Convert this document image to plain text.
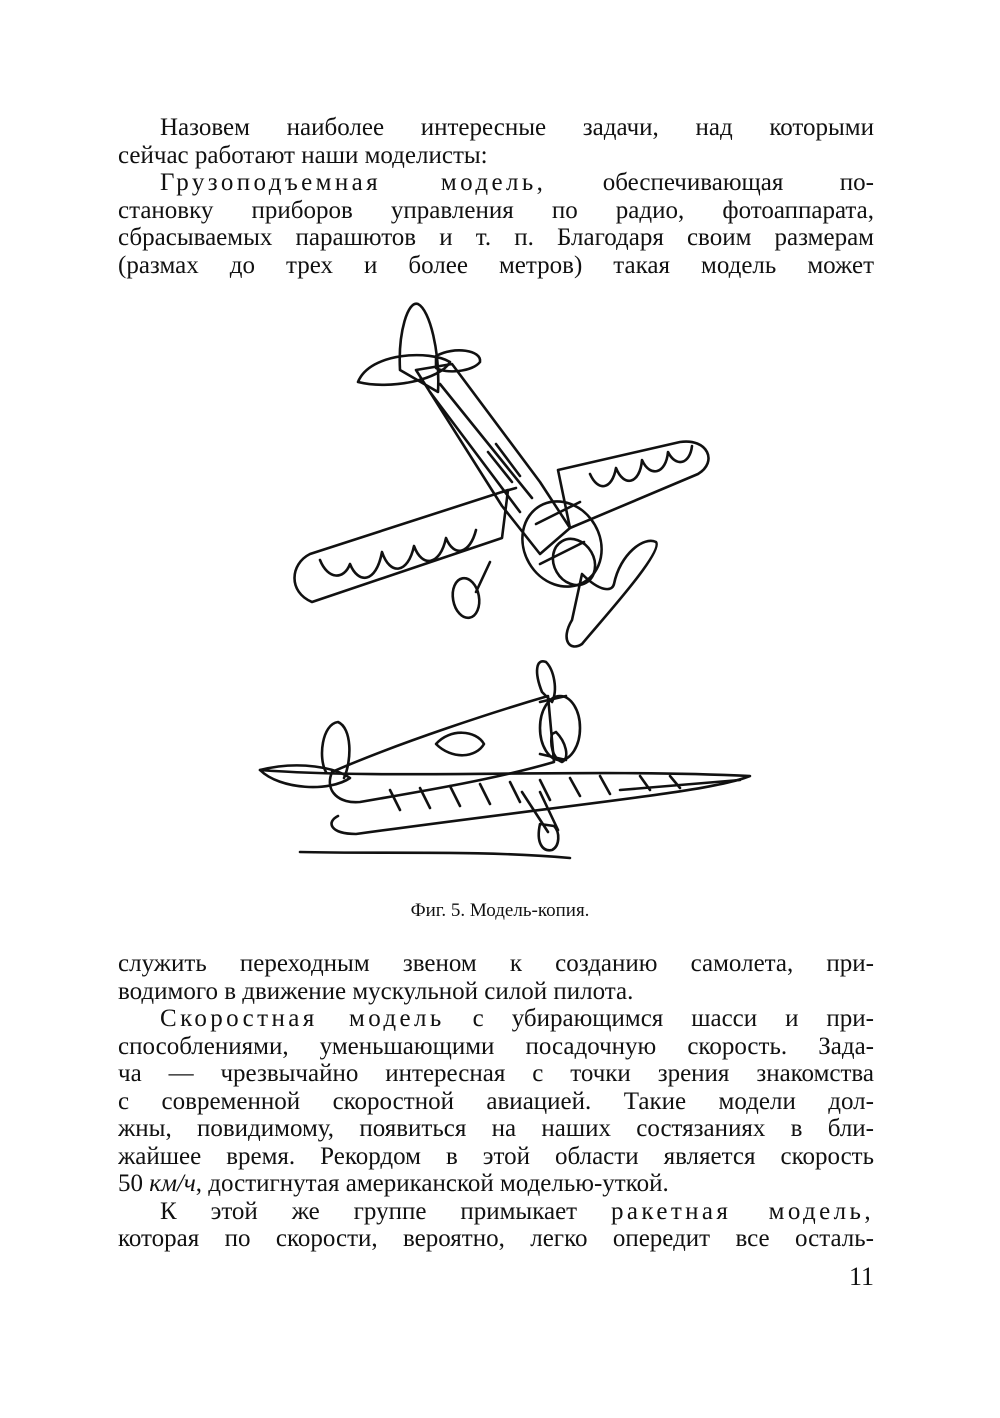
Назовем наиболее интересные задачи, над которыми
сейчас работают наши моделисты:
Грузоподъемная модель, обеспечивающая по-
становку приборов управления по радио, фотоаппарата,
сбрасываемых парашютов и т. п. Благодаря своим размерам
(размах до трех и более метров) такая модель может
Фиг. 5. Модель-копия.
служить переходным звеном к созданию самолета, при-
водимого в движение мускульной силой пилота.
Скоростная модель с убирающимся шасси и при-
способлениями, уменьшающими посадочную скорость. Зада-
ча — чрезвычайно интересная с точки зрения знакомства
с современной скоростной авиацией. Такие модели дол-
жны, повидимому, появиться на наших состязаниях в бли-
жайшее время. Рекордом в этой области является скорость
50 км/ч, достигнутая американской моделью-уткой.
К этой же группе примыкает ракетная модель,
которая по скорости, вероятно, легко опередит все осталь-
11
